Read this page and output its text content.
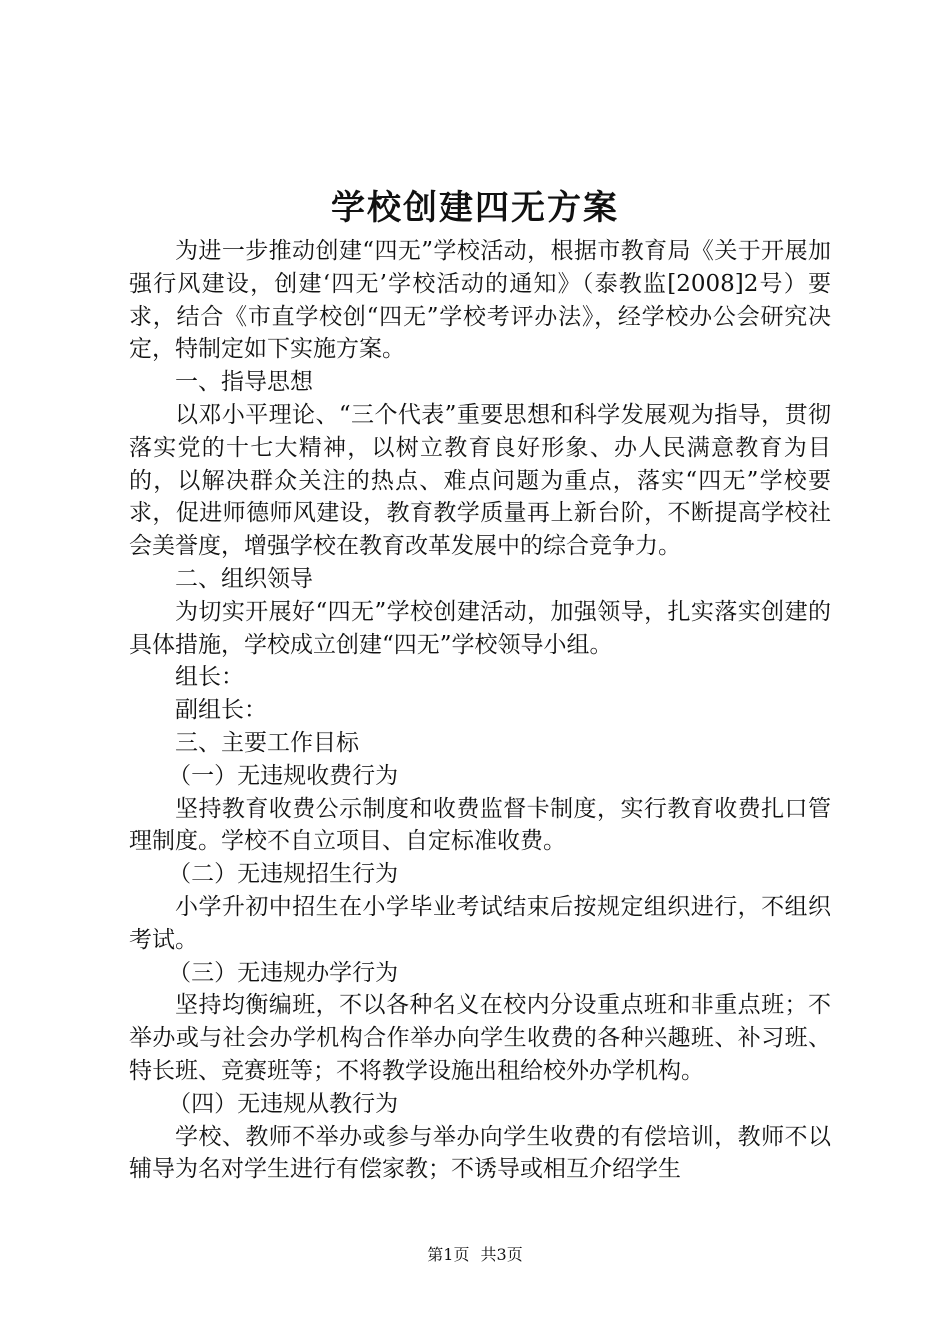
学校创建四无方案

为进一步推动创建“四无”学校活动，根据市教育局《关于开展加强行风建设，创建‘四无’学校活动的通知》（泰教监[2008]2号）要求，结合《市直学校创“四无”学校考评办法》，经学校办公会研究决定，特制定如下实施方案。

一、指导思想

以邓小平理论、“三个代表”重要思想和科学发展观为指导，贯彻落实党的十七大精神，以树立教育良好形象、办人民满意教育为目的，以解决群众关注的热点、难点问题为重点，落实“四无”学校要求，促进师德师风建设，教育教学质量再上新台阶，不断提高学校社会美誉度，增强学校在教育改革发展中的综合竞争力。

二、组织领导

为切实开展好“四无”学校创建活动，加强领导，扎实落实创建的具体措施，学校成立创建“四无”学校领导小组。

组长：

副组长：

三、主要工作目标

（一）无违规收费行为

坚持教育收费公示制度和收费监督卡制度，实行教育收费扎口管理制度。学校不自立项目、自定标准收费。

（二）无违规招生行为

小学升初中招生在小学毕业考试结束后按规定组织进行，不组织考试。

（三）无违规办学行为

坚持均衡编班，不以各种名义在校内分设重点班和非重点班；不举办或与社会办学机构合作举办向学生收费的各种兴趣班、补习班、特长班、竞赛班等；不将教学设施出租给校外办学机构。

（四）无违规从教行为

学校、教师不举办或参与举办向学生收费的有偿培训，教师不以辅导为名对学生进行有偿家教；不诱导或相互介绍学生

第1页 共3页
